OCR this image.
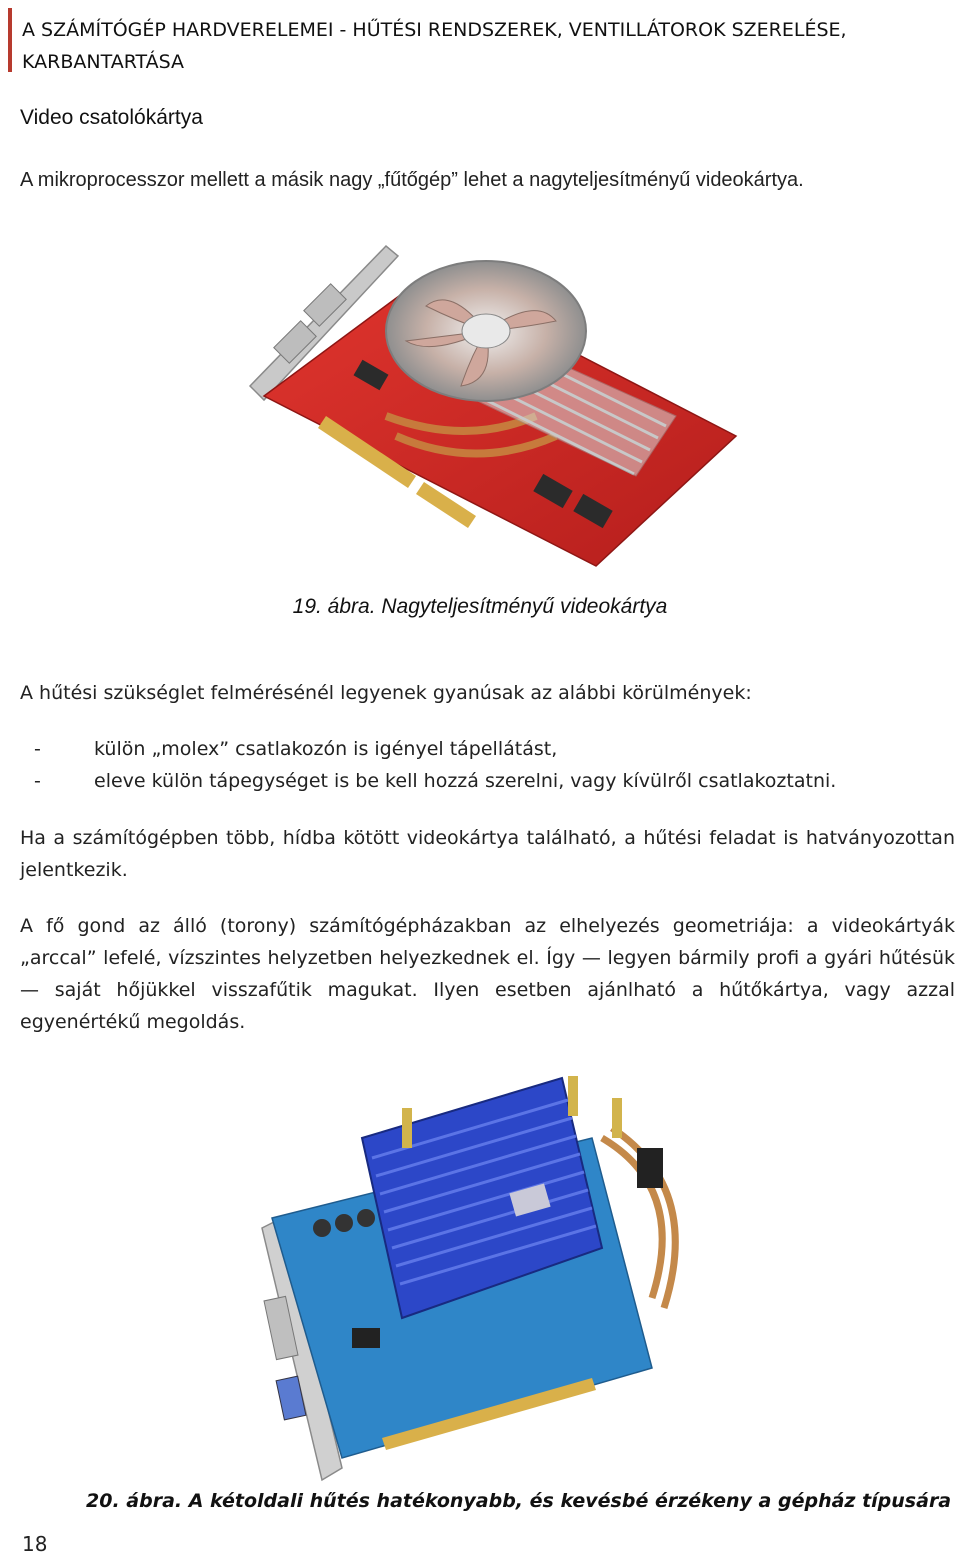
A SZÁMÍTÓGÉP HARDVERELEMEI - HŰTÉSI RENDSZEREK, VENTILLÁTOROK SZERELÉSE, KARBANTARTÁSA
Video csatolókártya
A mikroprocesszor mellett a másik nagy „fűtőgép” lehet a nagyteljesítményű videokártya.
19. ábra. Nagyteljesítményű videokártya
A hűtési szükséglet felmérésénél legyenek gyanúsak az alábbi körülmények:
-	külön „molex” csatlakozón is igényel tápellátást,
-	eleve külön tápegységet is be kell hozzá szerelni, vagy kívülről csatlakoztatni.
Ha a számítógépben több, hídba kötött videokártya található, a hűtési feladat is hatványozottan jelentkezik.
A fő gond az álló (torony) számítógépházakban az elhelyezés geometriája: a videokártyák „arccal” lefelé, vízszintes helyzetben helyezkednek el. Így — legyen bármily profi a gyári hűtésük — saját hőjükkel visszafűtik magukat. Ilyen esetben ajánlható a hűtőkártya, vagy azzal egyenértékű megoldás.
20. ábra. A kétoldali hűtés hatékonyabb, és kevésbé érzékeny a gépház típusára
18
